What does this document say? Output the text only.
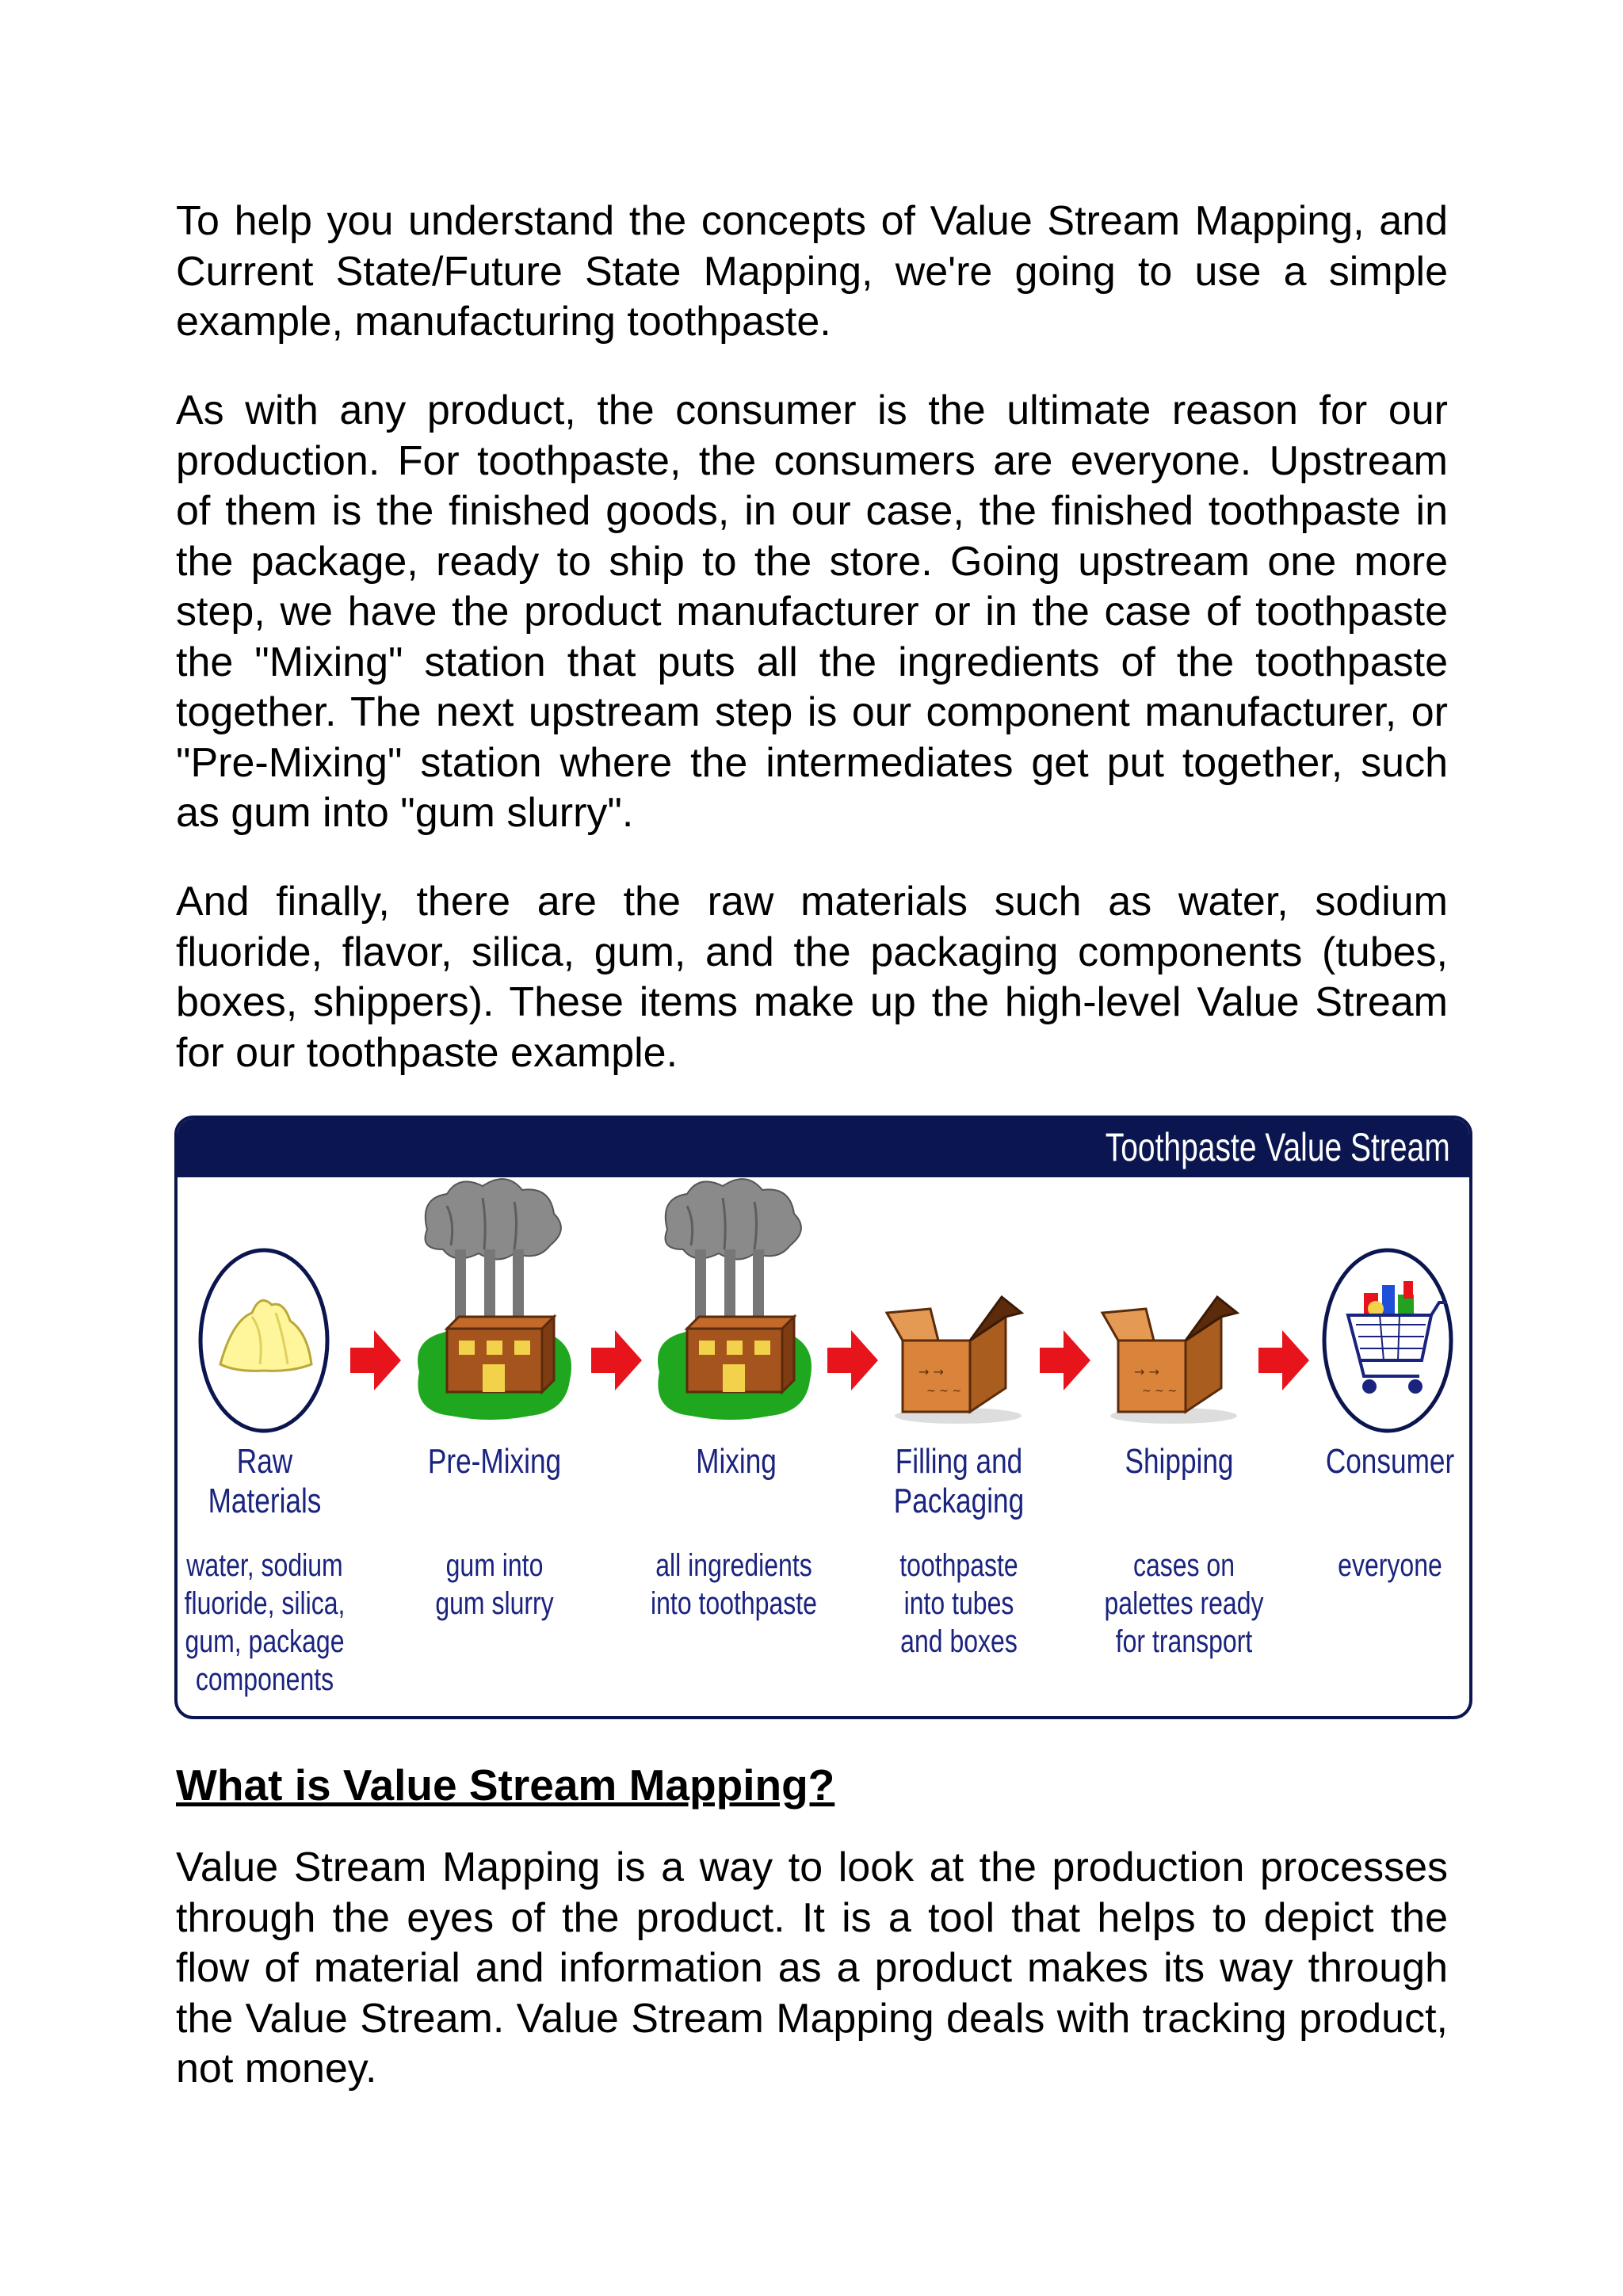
To help you understand the concepts of Value Stream Mapping, and Current State/Future State Mapping, we're going to use a simple example, manufacturing toothpaste.

As with any product, the consumer is the ultimate reason for our production. For toothpaste, the consumers are everyone. Upstream of them is the finished goods, in our case, the finished toothpaste in the package, ready to ship to the store. Going upstream one more step, we have the product manufacturer or in the case of toothpaste the "Mixing" station that puts all the ingredients of the toothpaste together. The next upstream step is our component manufacturer, or "Pre-Mixing" station where the intermediates get put together, such as gum into "gum slurry".

And finally, there are the raw materials such as water, sodium fluoride, flavor, silica, gum, and the packaging components (tubes, boxes, shippers). These items make up the high-level Value Stream for our toothpaste example.

What is Value Stream Mapping?

Value Stream Mapping is a way to look at the production processes through the eyes of the product. It is a tool that helps to depict the flow of material and information as a product makes its way through the Value Stream. Value Stream Mapping deals with tracking product, not money.

Toothpaste Value Stream
→ →
~ ~ ~
→ →
~ ~ ~
Raw
Materials
Pre-Mixing	Mixing	Filling and
Packaging
Shipping	Consumer
water, sodium
fluoride, silica,
gum, package
components
gum into
gum slurry
all ingredients
into toothpaste
toothpaste
into tubes
and boxes
cases on
palettes ready
for transport
everyone
